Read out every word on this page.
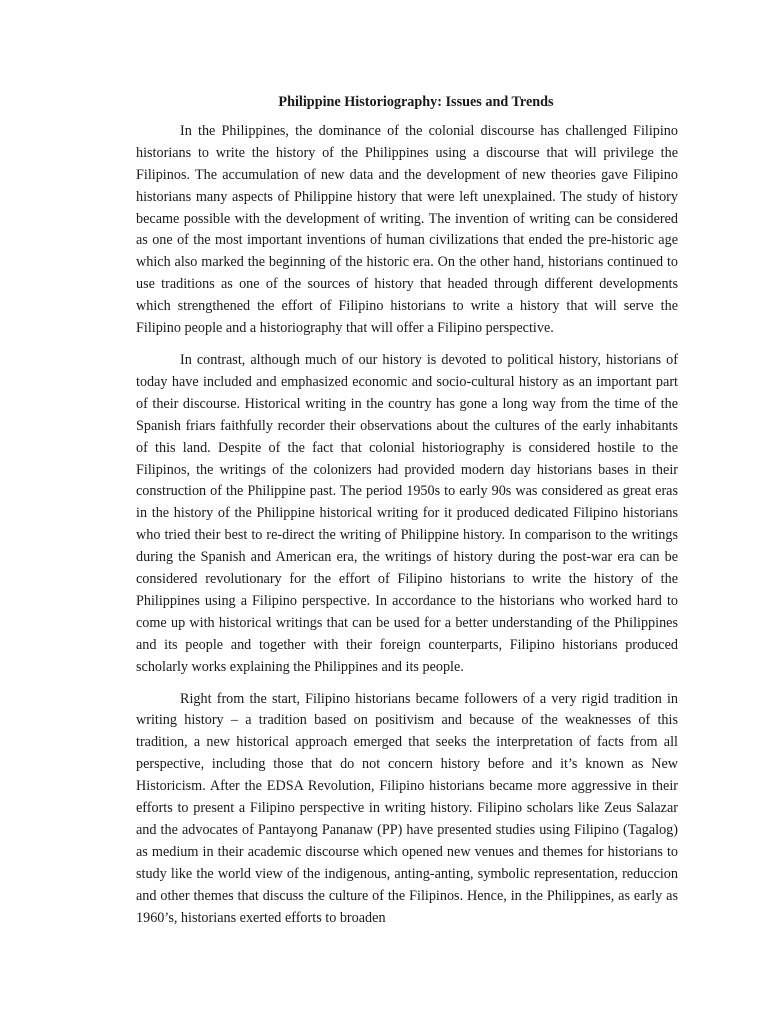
Philippine Historiography: Issues and Trends

In the Philippines, the dominance of the colonial discourse has challenged Filipino historians to write the history of the Philippines using a discourse that will privilege the Filipinos. The accumulation of new data and the development of new theories gave Filipino historians many aspects of Philippine history that were left unexplained. The study of history became possible with the development of writing. The invention of writing can be considered as one of the most important inventions of human civilizations that ended the pre-historic age which also marked the beginning of the historic era. On the other hand, historians continued to use traditions as one of the sources of history that headed through different developments which strengthened the effort of Filipino historians to write a history that will serve the Filipino people and a historiography that will offer a Filipino perspective.

In contrast, although much of our history is devoted to political history, historians of today have included and emphasized economic and socio-cultural history as an important part of their discourse. Historical writing in the country has gone a long way from the time of the Spanish friars faithfully recorder their observations about the cultures of the early inhabitants of this land. Despite of the fact that colonial historiography is considered hostile to the Filipinos, the writings of the colonizers had provided modern day historians bases in their construction of the Philippine past. The period 1950s to early 90s was considered as great eras in the history of the Philippine historical writing for it produced dedicated Filipino historians who tried their best to re-direct the writing of Philippine history. In comparison to the writings during the Spanish and American era, the writings of history during the post-war era can be considered revolutionary for the effort of Filipino historians to write the history of the Philippines using a Filipino perspective. In accordance to the historians who worked hard to come up with historical writings that can be used for a better understanding of the Philippines and its people and together with their foreign counterparts, Filipino historians produced scholarly works explaining the Philippines and its people.

Right from the start, Filipino historians became followers of a very rigid tradition in writing history – a tradition based on positivism and because of the weaknesses of this tradition, a new historical approach emerged that seeks the interpretation of facts from all perspective, including those that do not concern history before and it’s known as New Historicism. After the EDSA Revolution, Filipino historians became more aggressive in their efforts to present a Filipino perspective in writing history. Filipino scholars like Zeus Salazar and the advocates of Pantayong Pananaw (PP) have presented studies using Filipino (Tagalog) as medium in their academic discourse which opened new venues and themes for historians to study like the world view of the indigenous, anting-anting, symbolic representation, reduccion and other themes that discuss the culture of the Filipinos. Hence, in the Philippines, as early as 1960’s, historians exerted efforts to broaden
